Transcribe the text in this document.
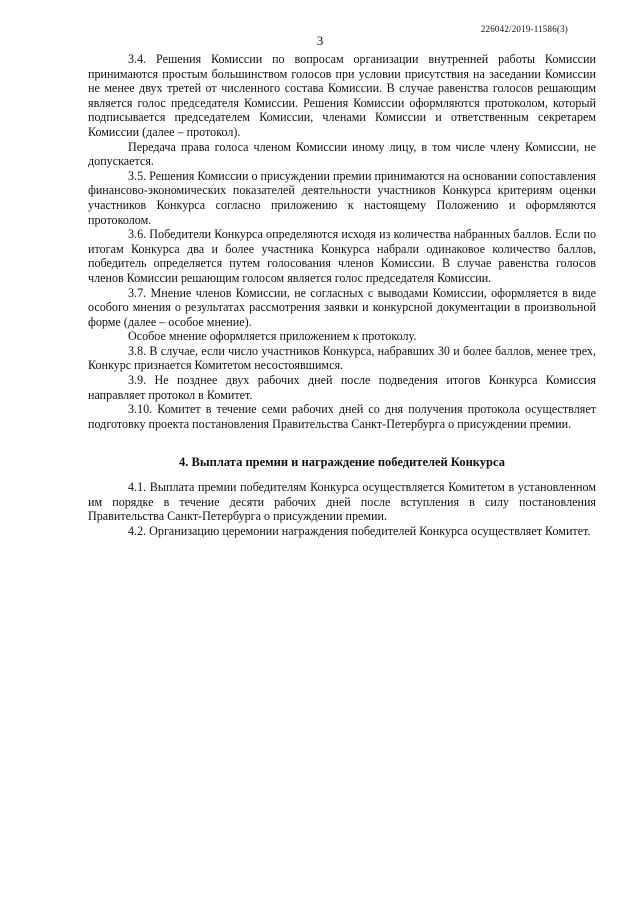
226042/2019-11586(3)
3

3.4. Решения Комиссии по вопросам организации внутренней работы Комиссии принимаются простым большинством голосов при условии присутствия на заседании Комиссии не менее двух третей от численного состава Комиссии. В случае равенства голосов решающим является голос председателя Комиссии. Решения Комиссии оформляются протоколом, который подписывается председателем Комиссии, членами Комиссии и ответственным секретарем Комиссии (далее – протокол).

Передача права голоса членом Комиссии иному лицу, в том числе члену Комиссии, не допускается.

3.5. Решения Комиссии о присуждении премии принимаются на основании сопоставления финансово-экономических показателей деятельности участников Конкурса критериям оценки участников Конкурса согласно приложению к настоящему Положению и оформляются протоколом.

3.6. Победители Конкурса определяются исходя из количества набранных баллов. Если по итогам Конкурса два и более участника Конкурса набрали одинаковое количество баллов, победитель определяется путем голосования членов Комиссии. В случае равенства голосов членов Комиссии решающим голосом является голос председателя Комиссии.

3.7. Мнение членов Комиссии, не согласных с выводами Комиссии, оформляется в виде особого мнения о результатах рассмотрения заявки и конкурсной документации в произвольной форме (далее – особое мнение).

Особое мнение оформляется приложением к протоколу.

3.8. В случае, если число участников Конкурса, набравших 30 и более баллов, менее трех, Конкурс признается Комитетом несостоявшимся.

3.9. Не позднее двух рабочих дней после подведения итогов Конкурса Комиссия направляет протокол в Комитет.

3.10. Комитет в течение семи рабочих дней со дня получения протокола осуществляет подготовку проекта постановления Правительства Санкт-Петербурга о присуждении премии.

4. Выплата премии и награждение победителей Конкурса

4.1. Выплата премии победителям Конкурса осуществляется Комитетом в установленном им порядке в течение десяти рабочих дней после вступления в силу постановления Правительства Санкт-Петербурга о присуждении премии.

4.2. Организацию церемонии награждения победителей Конкурса осуществляет Комитет.
